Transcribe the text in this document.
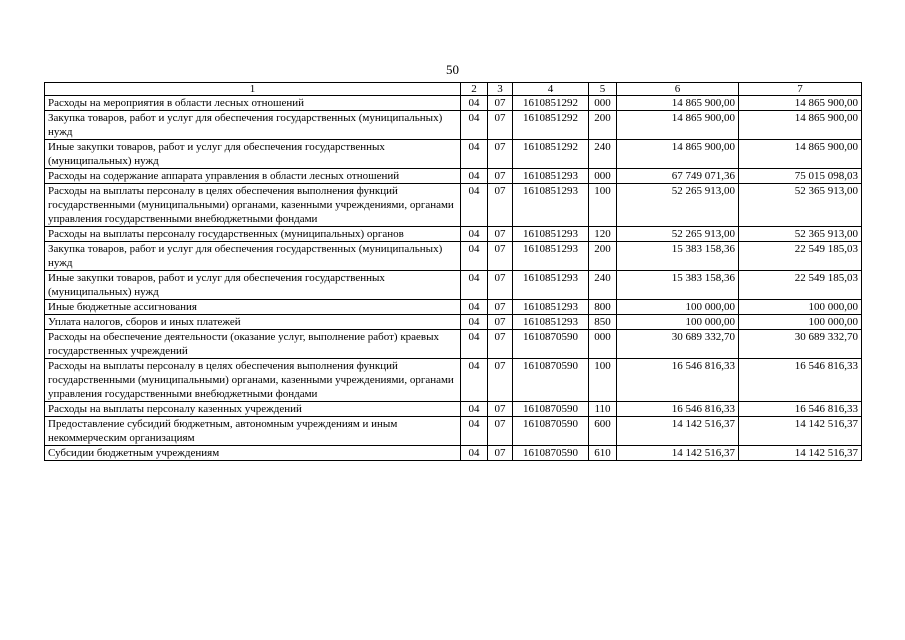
50
1	2	3	4	5	6	7
Расходы на мероприятия в области лесных отношений	04	07	1610851292	000	14 865 900,00	14 865 900,00
Закупка товаров, работ и услуг для обеспечения государственных (муниципальных) нужд	04	07	1610851292	200	14 865 900,00	14 865 900,00
Иные закупки товаров, работ и услуг для обеспечения государственных (муниципальных) нужд	04	07	1610851292	240	14 865 900,00	14 865 900,00
Расходы на содержание аппарата управления в области лесных отношений	04	07	1610851293	000	67 749 071,36	75 015 098,03
Расходы на выплаты персоналу в целях обеспечения выполнения функций государственными (муниципальными) органами, казенными учреждениями, органами управления государственными внебюджетными фондами	04	07	1610851293	100	52 265 913,00	52 365 913,00
Расходы на выплаты персоналу государственных (муниципальных) органов	04	07	1610851293	120	52 265 913,00	52 365 913,00
Закупка товаров, работ и услуг для обеспечения государственных (муниципальных) нужд	04	07	1610851293	200	15 383 158,36	22 549 185,03
Иные закупки товаров, работ и услуг для обеспечения государственных (муниципальных) нужд	04	07	1610851293	240	15 383 158,36	22 549 185,03
Иные бюджетные ассигнования	04	07	1610851293	800	100 000,00	100 000,00
Уплата налогов, сборов и иных платежей	04	07	1610851293	850	100 000,00	100 000,00
Расходы на обеспечение деятельности (оказание услуг, выполнение работ) краевых государственных учреждений	04	07	1610870590	000	30 689 332,70	30 689 332,70
Расходы на выплаты персоналу в целях обеспечения выполнения функций государственными (муниципальными) органами, казенными учреждениями, органами управления государственными внебюджетными фондами	04	07	1610870590	100	16 546 816,33	16 546 816,33
Расходы на выплаты персоналу казенных учреждений	04	07	1610870590	110	16 546 816,33	16 546 816,33
Предоставление субсидий бюджетным, автономным учреждениям и иным некоммерческим организациям	04	07	1610870590	600	14 142 516,37	14 142 516,37
Субсидии бюджетным учреждениям	04	07	1610870590	610	14 142 516,37	14 142 516,37
